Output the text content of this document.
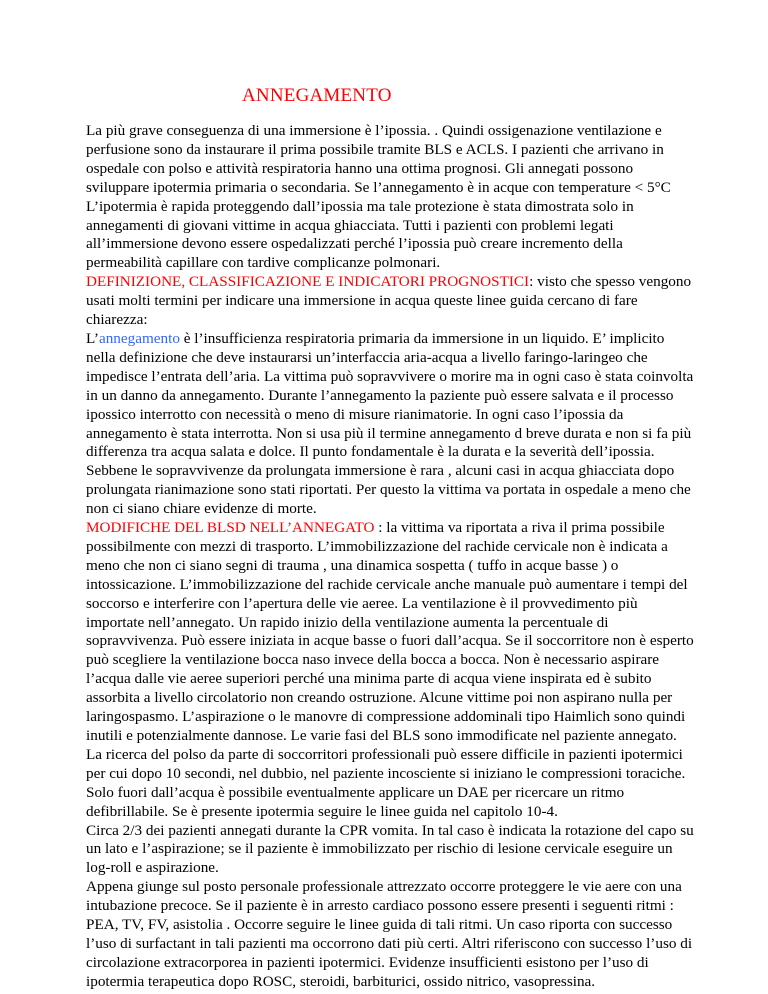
ANNEGAMENTO
La più grave conseguenza di una immersione è l’ipossia. . Quindi ossigenazione ventilazione e
perfusione sono da instaurare il prima possibile tramite BLS e ACLS. I pazienti che arrivano in
ospedale con polso e attività respiratoria hanno una ottima prognosi. Gli annegati possono
sviluppare ipotermia primaria o secondaria. Se l’annegamento è in acque con temperature < 5°C
L’ipotermia è rapida proteggendo dall’ipossia ma tale protezione è stata dimostrata solo in
annegamenti di giovani vittime in acqua ghiacciata. Tutti i pazienti con problemi legati
all’immersione devono essere ospedalizzati perché l’ipossia può creare incremento della
permeabilità capillare con tardive complicanze polmonari.
DEFINIZIONE, CLASSIFICAZIONE E INDICATORI PROGNOSTICI: visto che spesso vengono
usati molti termini per indicare una immersione in acqua queste linee guida cercano di fare
chiarezza:
L’annegamento è l’insufficienza respiratoria primaria da immersione in un liquido. E’ implicito
nella definizione che deve instaurarsi un’interfaccia aria-acqua a livello faringo-laringeo che
impedisce l’entrata dell’aria. La vittima può sopravvivere o morire ma in ogni caso è stata coinvolta
in un danno da annegamento. Durante l’annegamento la paziente può essere salvata e il processo
ipossico interrotto con necessità o meno di misure rianimatorie. In ogni caso l’ipossia da
annegamento è stata interrotta. Non si usa più il termine annegamento d breve durata e non si fa più
differenza tra acqua salata e dolce. Il punto fondamentale è la durata e la severità dell’ipossia.
Sebbene le sopravvivenze da prolungata immersione è rara , alcuni casi in acqua ghiacciata dopo
prolungata rianimazione sono stati riportati. Per questo la vittima va portata in ospedale a meno che
non ci siano chiare evidenze di morte.
MODIFICHE DEL BLSD NELL’ANNEGATO : la vittima va riportata a riva il prima possibile
possibilmente con mezzi di trasporto. L’immobilizzazione del rachide cervicale non è indicata a
meno che non ci siano segni di trauma , una dinamica sospetta ( tuffo in acque basse ) o
intossicazione. L’immobilizzazione del rachide cervicale anche manuale può aumentare i tempi del
soccorso e interferire con l’apertura delle vie aeree. La ventilazione è il provvedimento più
importate nell’annegato. Un rapido inizio della ventilazione aumenta la percentuale di
sopravvivenza. Può essere iniziata in acque basse o fuori dall’acqua. Se il soccorritore non è esperto
può scegliere la ventilazione bocca naso invece della bocca a bocca. Non è necessario aspirare
l’acqua dalle vie aeree superiori perché una minima parte di acqua viene inspirata ed è subito
assorbita a livello circolatorio non creando ostruzione. Alcune vittime poi non aspirano nulla per
laringospasmo. L’aspirazione o le manovre di compressione addominali tipo Haimlich sono quindi
inutili e potenzialmente dannose. Le varie fasi del BLS sono immodificate nel paziente annegato.
La ricerca del polso da parte di soccorritori professionali può essere difficile in pazienti ipotermici
per cui dopo 10 secondi, nel dubbio, nel paziente incosciente si iniziano le compressioni toraciche.
Solo fuori dall’acqua è possibile eventualmente applicare un DAE per ricercare un ritmo
defibrillabile. Se è presente ipotermia seguire le linee guida nel capitolo 10-4.
Circa 2/3 dei pazienti annegati durante la CPR vomita. In tal caso è indicata la rotazione del capo su
un lato e l’aspirazione; se il paziente è immobilizzato per rischio di lesione cervicale eseguire un
log-roll e aspirazione.
Appena giunge sul posto personale professionale attrezzato occorre proteggere le vie aere con una
intubazione precoce. Se il paziente è in arresto cardiaco possono essere presenti i seguenti ritmi :
PEA, TV, FV, asistolia . Occorre seguire le linee guida di tali ritmi. Un caso riporta con successo
l’uso di surfactant in tali pazienti ma occorrono dati più certi. Altri riferiscono con successo l’uso di
circolazione extracorporea in pazienti ipotermici. Evidenze insufficienti esistono per l’uso di
ipotermia terapeutica dopo ROSC, steroidi, barbiturici, ossido nitrico, vasopressina.
